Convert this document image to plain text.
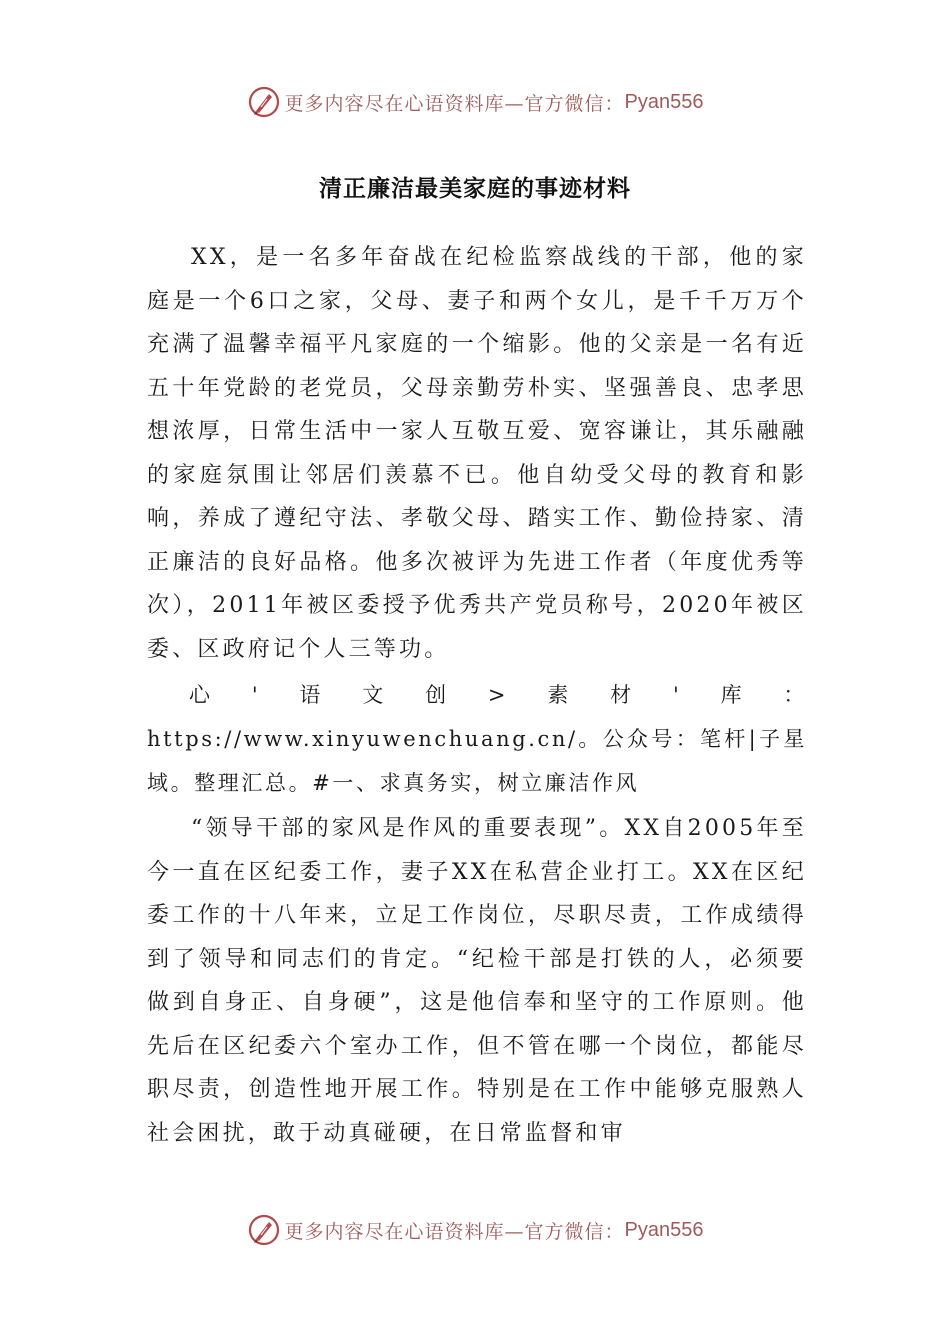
更多内容尽在心语资料库—官方微信： Pyan556
清正廉洁最美家庭的事迹材料

XX，是一名多年奋战在纪检监察战线的干部，他的家庭是一个6口之家，父母、妻子和两个女儿，是千千万万个充满了温馨幸福平凡家庭的一个缩影。他的父亲是一名有近五十年党龄的老党员，父母亲勤劳朴实、坚强善良、忠孝思想浓厚，日常生活中一家人互敬互爱、宽容谦让，其乐融融的家庭氛围让邻居们羡慕不已。他自幼受父母的教育和影响，养成了遵纪守法、孝敬父母、踏实工作、勤俭持家、清正廉洁的良好品格。他多次被评为先进工作者（年度优秀等次），2011年被区委授予优秀共产党员称号，2020年被区委、区政府记个人三等功。

心'语文创>素材'库：https://www.xinyuwenchuang.cn/。公众号：笔杆|子星域。整理汇总。#一、求真务实，树立廉洁作风

“领导干部的家风是作风的重要表现”。XX自2005年至今一直在区纪委工作，妻子XX在私营企业打工。XX在区纪委工作的十八年来，立足工作岗位，尽职尽责，工作成绩得到了领导和同志们的肯定。“纪检干部是打铁的人，必须要做到自身正、自身硬”，这是他信奉和坚守的工作原则。他先后在区纪委六个室办工作，但不管在哪一个岗位，都能尽职尽责，创造性地开展工作。特别是在工作中能够克服熟人社会困扰，敢于动真碰硬，在日常监督和审

更多内容尽在心语资料库—官方微信： Pyan556
